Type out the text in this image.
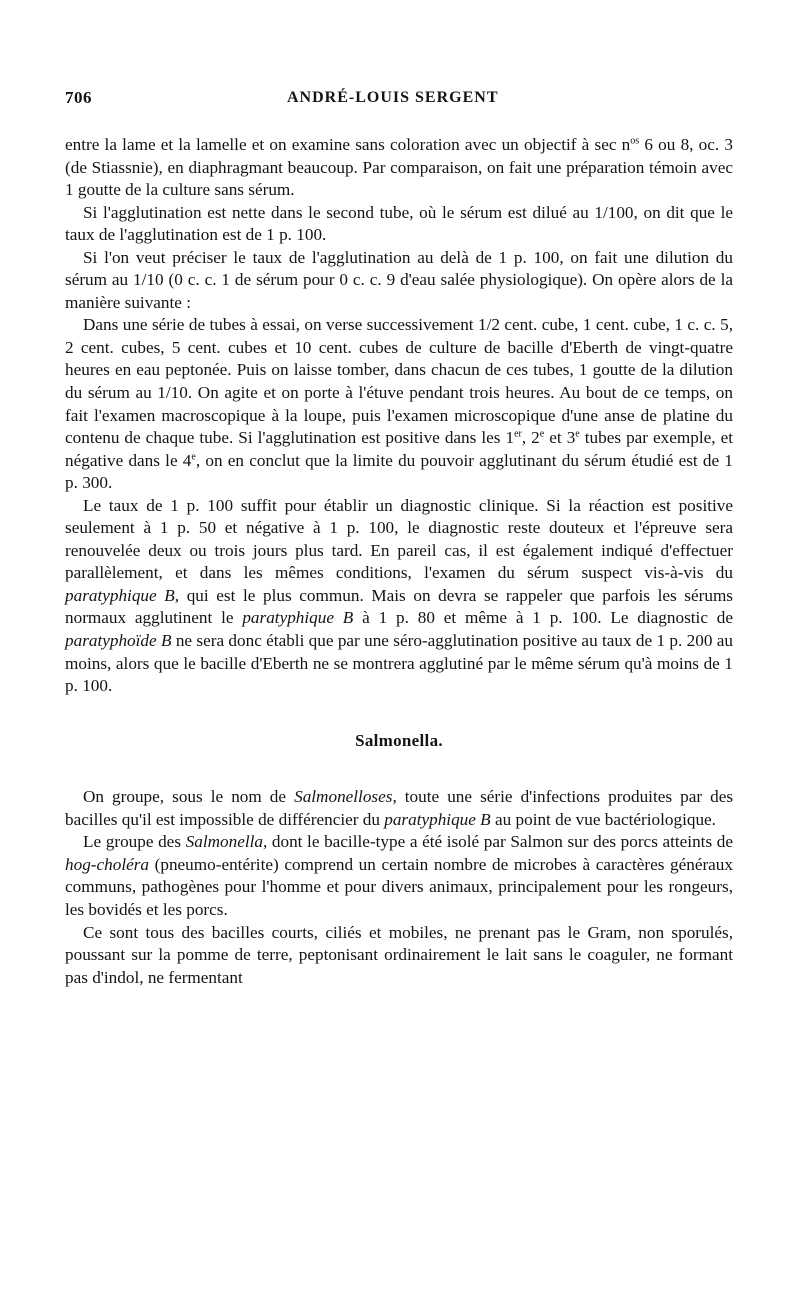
706	ANDRÉ-LOUIS SERGENT

entre la lame et la lamelle et on examine sans coloration avec un objectif à $\sec n^{os}$ 6 ou 8, oc. 3 (de Stiassnie), en diaphragmant beaucoup. Par comparaison, on fait une préparation témoin avec 1 goutte de la culture sans sérum.

Si l'agglutination est nette dans le second tube, où le sérum est dilué au 1/100, on dit que le taux de l'agglutination est de 1 p. 100.

Si l'on veut préciser le taux de l'agglutination au delà de 1 p. 100, on fait une dilution du sérum au 1/10 (0 c. c. 1 de sérum pour 0 c. c. 9 d'eau salée physiologique). On opère alors de la manière suivante :

Dans une série de tubes à essai, on verse successivement 1/2 cent. cube, 1 cent. cube, 1 c. c. 5, 2 cent. cubes, 5 cent. cubes et 10 cent. cubes de culture de bacille d'Eberth de vingt-quatre heures en eau peptonée. Puis on laisse tomber, dans chacun de ces tubes, 1 goutte de la dilution du sérum au 1/10. On agite et on porte à l'étuve pendant trois heures. Au bout de ce temps, on fait l'examen macroscopique à la loupe, puis l'examen microscopique d'une anse de platine du contenu de chaque tube. Si l'agglutination est positive dans les 1er, 2e et 3e tubes par exemple, et négative dans le 4e, on en conclut que la limite du pouvoir agglutinant du sérum étudié est de 1 p. 300.

Le taux de 1 p. 100 suffit pour établir un diagnostic clinique. Si la réaction est positive seulement à 1 p. 50 et négative à 1 p. 100, le diagnostic reste douteux et l'épreuve sera renouvelée deux ou trois jours plus tard. En pareil cas, il est également indiqué d'effectuer parallèlement, et dans les mêmes conditions, l'examen du sérum suspect vis-à-vis du paratyphique B, qui est le plus commun. Mais on devra se rappeler que parfois les sérums normaux agglutinent le paratyphique B à 1 p. 80 et même à 1 p. 100. Le diagnostic de paratyphoïde B ne sera donc établi que par une séro-agglutination positive au taux de 1 p. 200 au moins, alors que le bacille d'Eberth ne se montrera agglutiné par le même sérum qu'à moins de 1 p. 100.

Salmonella.

On groupe, sous le nom de Salmonelloses, toute une série d'infections produites par des bacilles qu'il est impossible de différencier du paratyphique B au point de vue bactériologique.

Le groupe des Salmonella, dont le bacille-type a été isolé par Salmon sur des porcs atteints de hog-choléra (pneumo-entérite) comprend un certain nombre de microbes à caractères généraux communs, pathogènes pour l'homme et pour divers animaux, principalement pour les rongeurs, les bovidés et les porcs.

Ce sont tous des bacilles courts, ciliés et mobiles, ne prenant pas le Gram, non sporulés, poussant sur la pomme de terre, peptonisant ordinairement le lait sans le coaguler, ne formant pas d'indol, ne fermentant
